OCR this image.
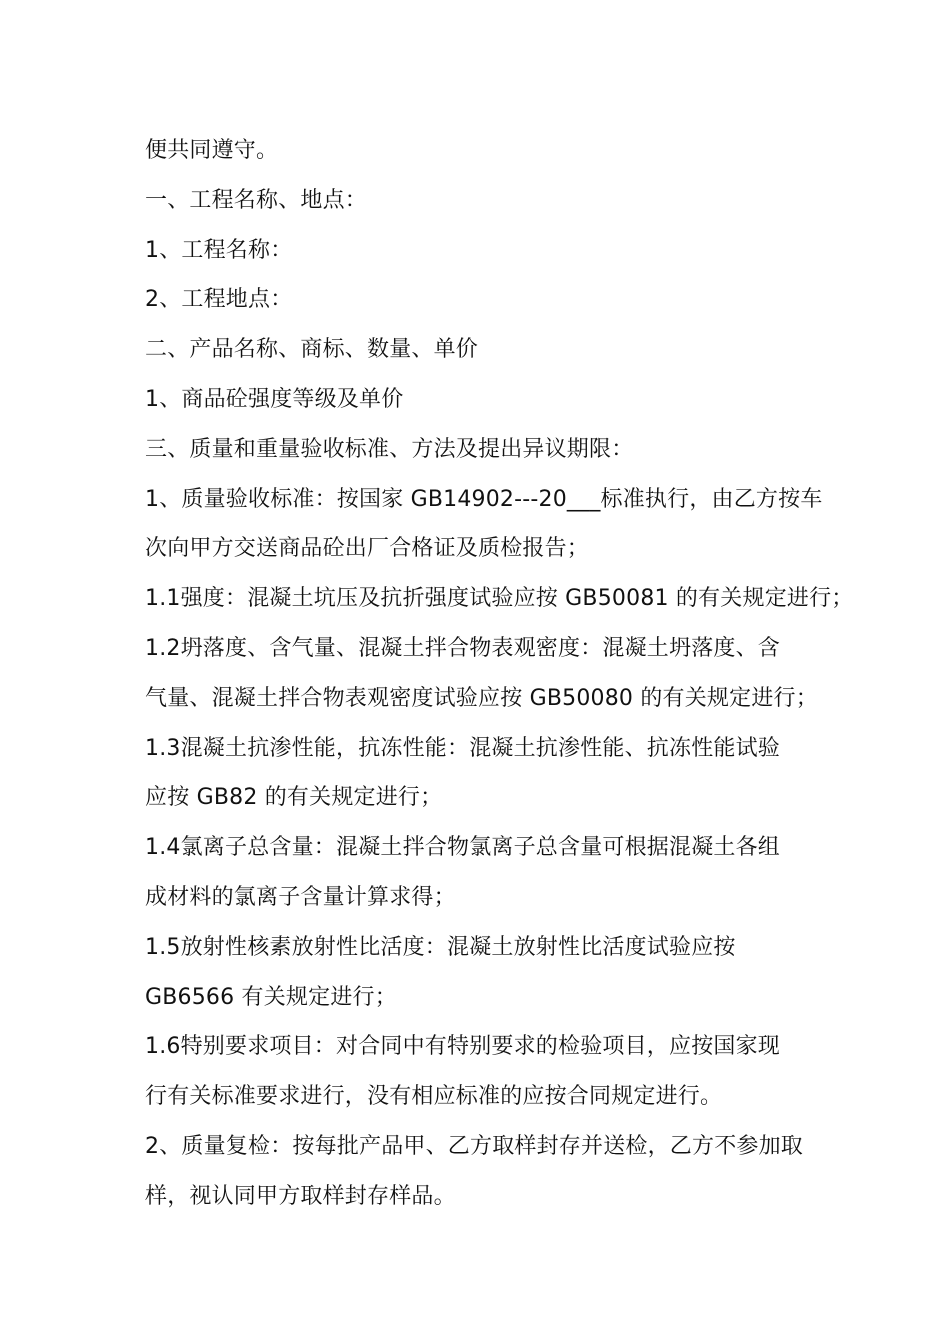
便共同遵守。
一、工程名称、地点：
1、工程名称：
2、工程地点：
二、产品名称、商标、数量、单价
1、商品砼强度等级及单价
三、质量和重量验收标准、方法及提出异议期限：
1、质量验收标准：按国家 GB14902---20___标准执行，由乙方按车
次向甲方交送商品砼出厂合格证及质检报告；
1.1强度：混凝土坑压及抗折强度试验应按 GB50081 的有关规定进行；
1.2坍落度、含气量、混凝土拌合物表观密度：混凝土坍落度、含
气量、混凝土拌合物表观密度试验应按 GB50080 的有关规定进行；
1.3混凝土抗渗性能，抗冻性能：混凝土抗渗性能、抗冻性能试验
应按 GB82 的有关规定进行；
1.4氯离子总含量：混凝土拌合物氯离子总含量可根据混凝土各组
成材料的氯离子含量计算求得；
1.5放射性核素放射性比活度：混凝土放射性比活度试验应按
GB6566 有关规定进行；
1.6特别要求项目：对合同中有特别要求的检验项目，应按国家现
行有关标准要求进行，没有相应标准的应按合同规定进行。
2、质量复检：按每批产品甲、乙方取样封存并送检，乙方不参加取
样，视认同甲方取样封存样品。
